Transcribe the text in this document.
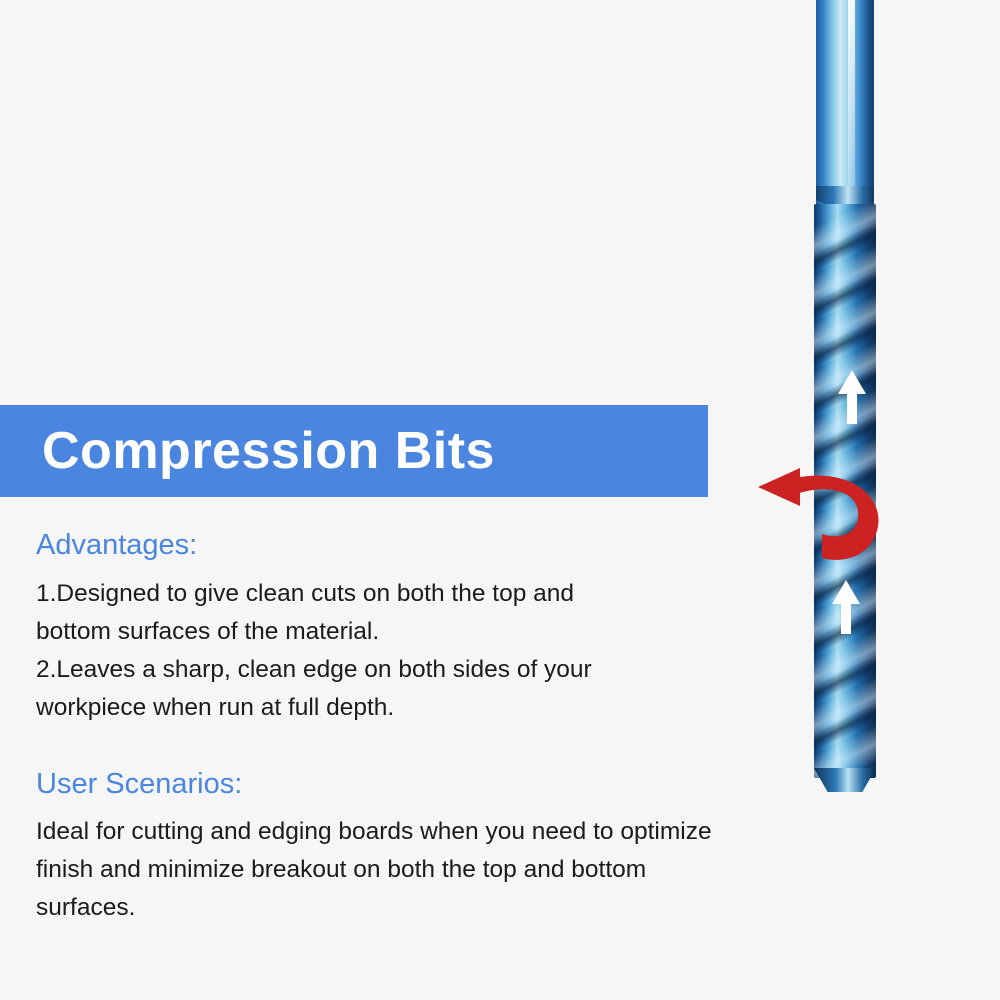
Compression Bits
Advantages:

1.Designed to give clean cuts on both the top and

bottom surfaces of the material.

2.Leaves a sharp, clean edge on both sides of your

workpiece when run at full depth.

User Scenarios:

Ideal for cutting and edging boards when you need to optimize

finish and minimize breakout on both the top and bottom surfaces.
